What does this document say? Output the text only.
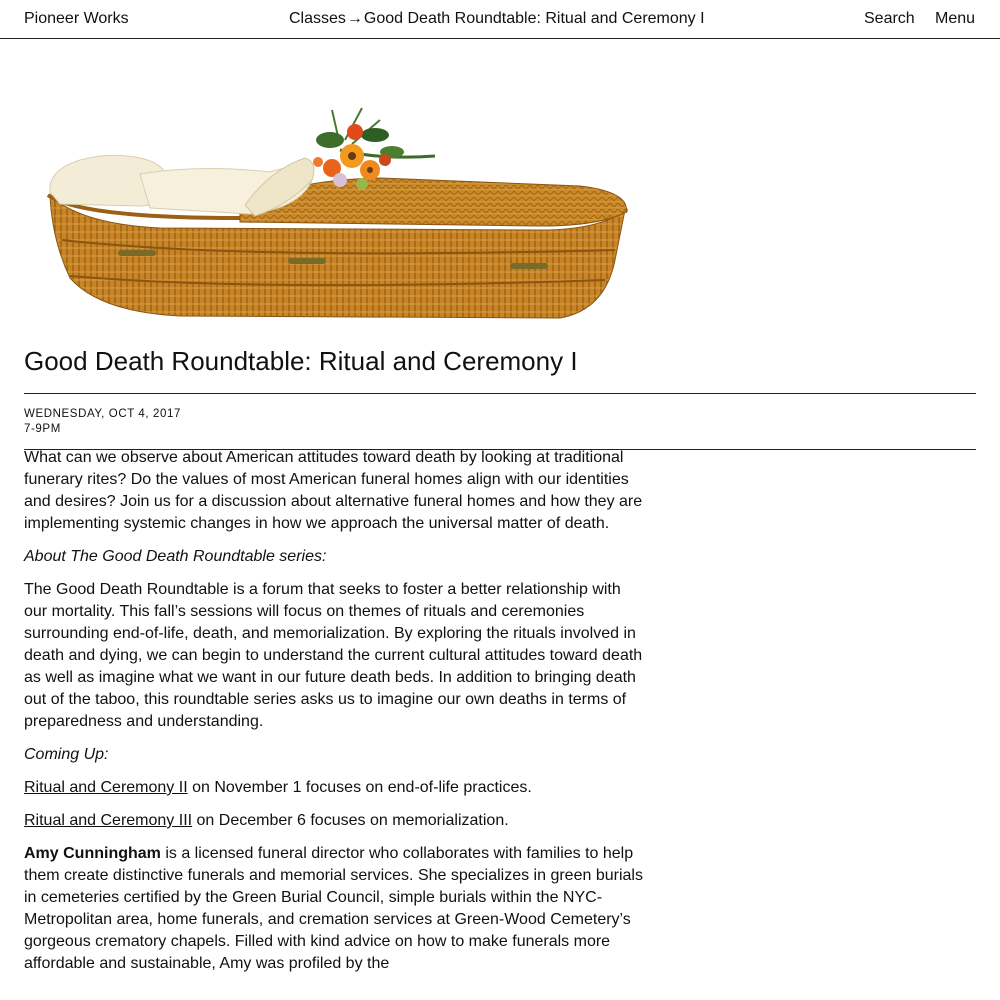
Pioneer Works	Classes→Good Death Roundtable: Ritual and Ceremony I	Search Menu
Good Death Roundtable: Ritual and Ceremony I
WEDNESDAY, OCT 4, 2017
7-9PM

What can we observe about American attitudes toward death by looking at traditional funerary rites? Do the values of most American funeral homes align with our identities and desires? Join us for a discussion about alternative funeral homes and how they are implementing systemic changes in how we approach the universal matter of death.

About The Good Death Roundtable series:

The Good Death Roundtable is a forum that seeks to foster a better relationship with our mortality. This fall’s sessions will focus on themes of rituals and ceremonies surrounding end-of-life, death, and memorialization. By exploring the rituals involved in death and dying, we can begin to understand the current cultural attitudes toward death as well as imagine what we want in our future death beds. In addition to bringing death out of the taboo, this roundtable series asks us to imagine our own deaths in terms of preparedness and understanding.

Coming Up:

Ritual and Ceremony II on November 1 focuses on end-of-life practices.

Ritual and Ceremony III on December 6 focuses on memorialization.

Amy Cunningham is a licensed funeral director who collaborates with families to help them create distinctive funerals and memorial services. She specializes in green burials in cemeteries certified by the Green Burial Council, simple burials within the NYC- Metropolitan area, home funerals, and cremation services at Green-Wood Cemetery’s gorgeous crematory chapels. Filled with kind advice on how to make funerals more affordable and sustainable, Amy was profiled by the
